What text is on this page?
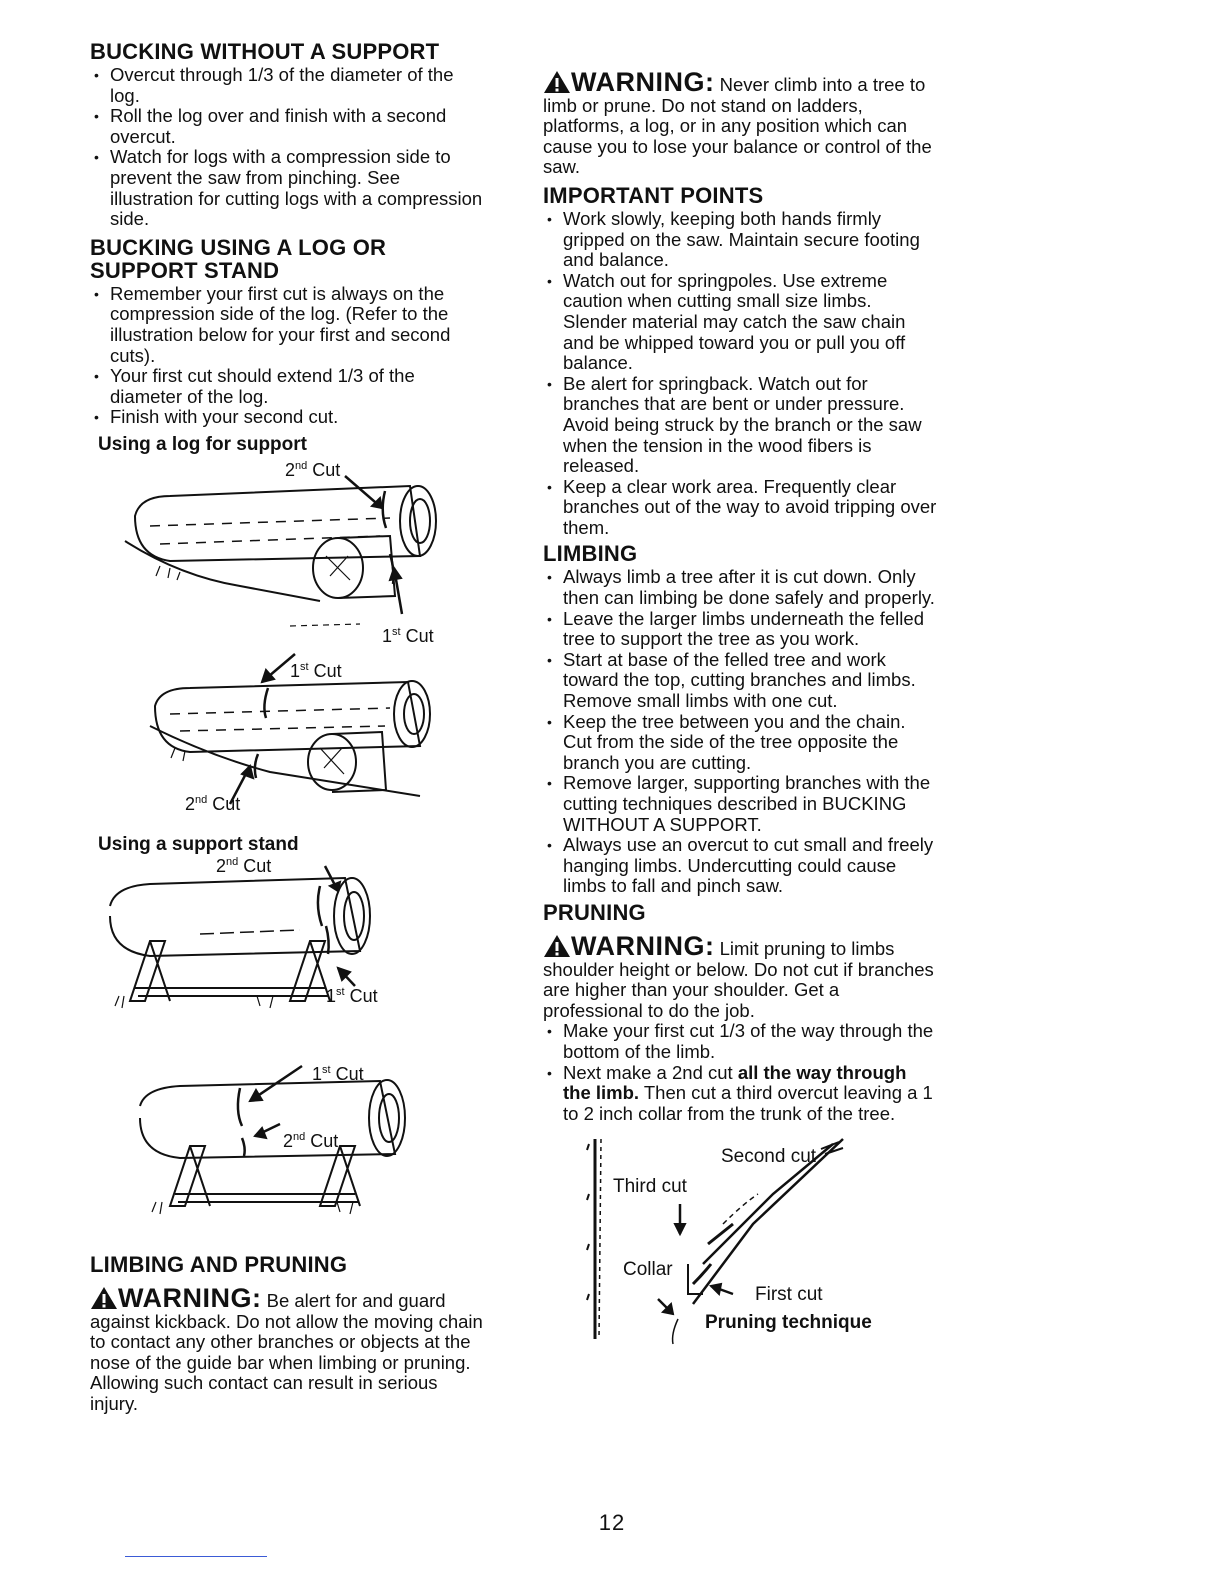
BUCKING WITHOUT A SUPPORT
• Overcut through 1/3 of the diameter of the log.
• Roll the log over and finish with a second overcut.
• Watch for logs with a compression side to prevent the saw from pinching. See illustration for cutting logs with a compression side.
BUCKING USING A LOG OR SUPPORT STAND
• Remember your first cut is always on the compression side of the log. (Refer to the illustration below for your first and second cuts).
• Your first cut should extend 1/3 of the diameter of the log.
• Finish with your second cut.
Using a log for support
2nd Cut
1st Cut
1st Cut
2nd Cut
Using a support stand
2nd Cut
1st Cut
1st Cut
2nd Cut
LIMBING AND PRUNING

WARNING: Be alert for and guard against kickback. Do not allow the moving chain to contact any other branches or objects at the nose of the guide bar when limbing or pruning. Allowing such contact can result in serious injury.

WARNING: Never climb into a tree to limb or prune. Do not stand on ladders, platforms, a log, or in any position which can cause you to lose your balance or control of the saw.

IMPORTANT POINTS
• Work slowly, keeping both hands firmly gripped on the saw. Maintain secure footing and balance.
• Watch out for springpoles. Use extreme caution when cutting small size limbs. Slender material may catch the saw chain and be whipped toward you or pull you off balance.
• Be alert for springback. Watch out for branches that are bent or under pressure. Avoid being struck by the branch or the saw when the tension in the wood fibers is released.
• Keep a clear work area. Frequently clear branches out of the way to avoid tripping over them.
LIMBING
• Always limb a tree after it is cut down. Only then can limbing be done safely and properly.
• Leave the larger limbs underneath the felled tree to support the tree as you work.
• Start at base of the felled tree and work toward the top, cutting branches and limbs. Remove small limbs with one cut.
• Keep the tree between you and the chain. Cut from the side of the tree opposite the branch you are cutting.
• Remove larger, supporting branches with the cutting techniques described in BUCKING WITHOUT A SUPPORT.
• Always use an overcut to cut small and freely hanging limbs. Undercutting could cause limbs to fall and pinch saw.
PRUNING

WARNING: Limit pruning to limbs shoulder height or below. Do not cut if branches are higher than your shoulder. Get a professional to do the job.

• Make your first cut 1/3 of the way through the bottom of the limb.
• Next make a 2nd cut all the way through the limb. Then cut a third overcut leaving a 1 to 2 inch collar from the trunk of the tree.
Second cut
Third cut
Collar
First cut
Pruning technique
12
